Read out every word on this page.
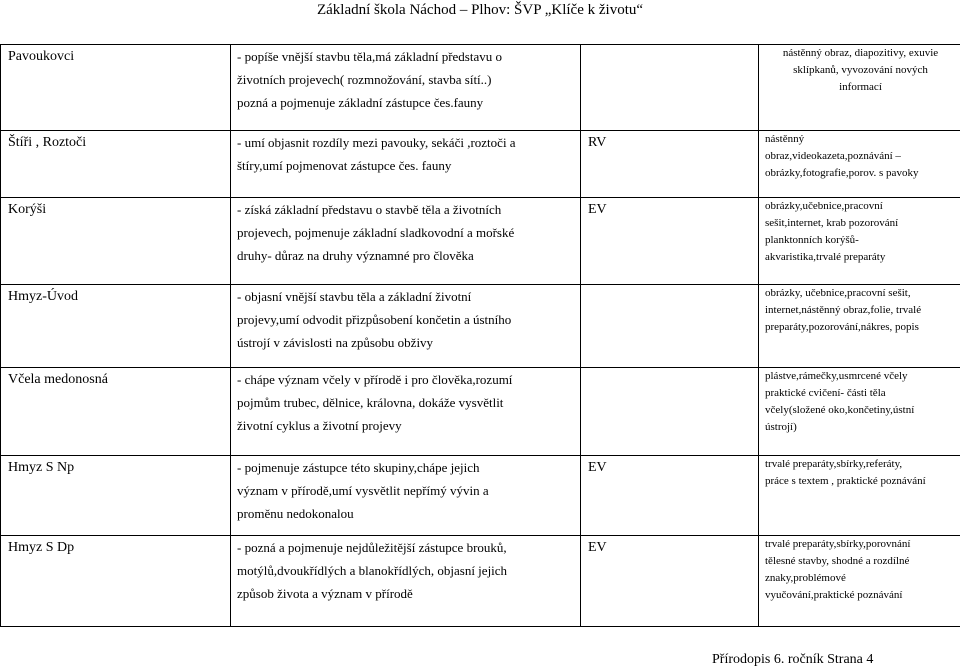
Základní škola Náchod – Plhov: ŠVP „Klíče k životu“
Pavoukovci	- popíše vnější stavbu těla,má základní představu o
životních projevech( rozmnožování, stavba sítí..)
pozná a pojmenuje základní zástupce čes.fauny		nástěnný obraz, diapozitivy, exuvie
sklípkanů, vyvozování nových
informací

Štíři , Roztoči	- umí objasnit rozdíly mezi pavouky, sekáči ,roztoči a
štíry,umí pojmenovat zástupce čes. fauny	RV	nástěnný
obraz,videokazeta,poznávání –
obrázky,fotografie,porov. s pavoky

Korýši	- získá základní představu o stavbě těla a životních
projevech, pojmenuje základní sladkovodní a mořské
druhy- důraz na druhy významné pro člověka	EV	obrázky,učebnice,pracovní
sešit,internet, krab pozorování
planktonních korýšů-
akvaristika,trvalé preparáty

Hmyz-Úvod	- objasní vnější stavbu těla a základní životní
projevy,umí odvodit přizpůsobení končetin a ústního
ústrojí v závislosti na způsobu obživy		obrázky, učebnice,pracovní sešit,
internet,nástěnný obraz,folie, trvalé
preparáty,pozorování,nákres, popis

Včela medonosná	- chápe význam včely v přírodě i pro člověka,rozumí
pojmům trubec, dělnice, královna, dokáže vysvětlit
životní cyklus a životní projevy		plástve,rámečky,usmrcené včely
praktické cvičení- části těla
včely(složené oko,končetiny,ústní
ústrojí)

Hmyz S Np	- pojmenuje zástupce této skupiny,chápe jejich
význam v přírodě,umí vysvětlit nepřímý vývin a
proměnu nedokonalou	EV	trvalé preparáty,sbírky,referáty,
práce s textem , praktické poznávání

Hmyz S Dp	- pozná a pojmenuje nejdůležitější zástupce brouků,
motýlů,dvoukřídlých a blanokřídlých, objasní jejich
způsob života a význam v přírodě	EV	trvalé preparáty,sbírky,porovnání
tělesné stavby, shodné a rozdílné
znaky,problémové
vyučování,praktické poznávání
Přírodopis 6. ročník Strana 4
